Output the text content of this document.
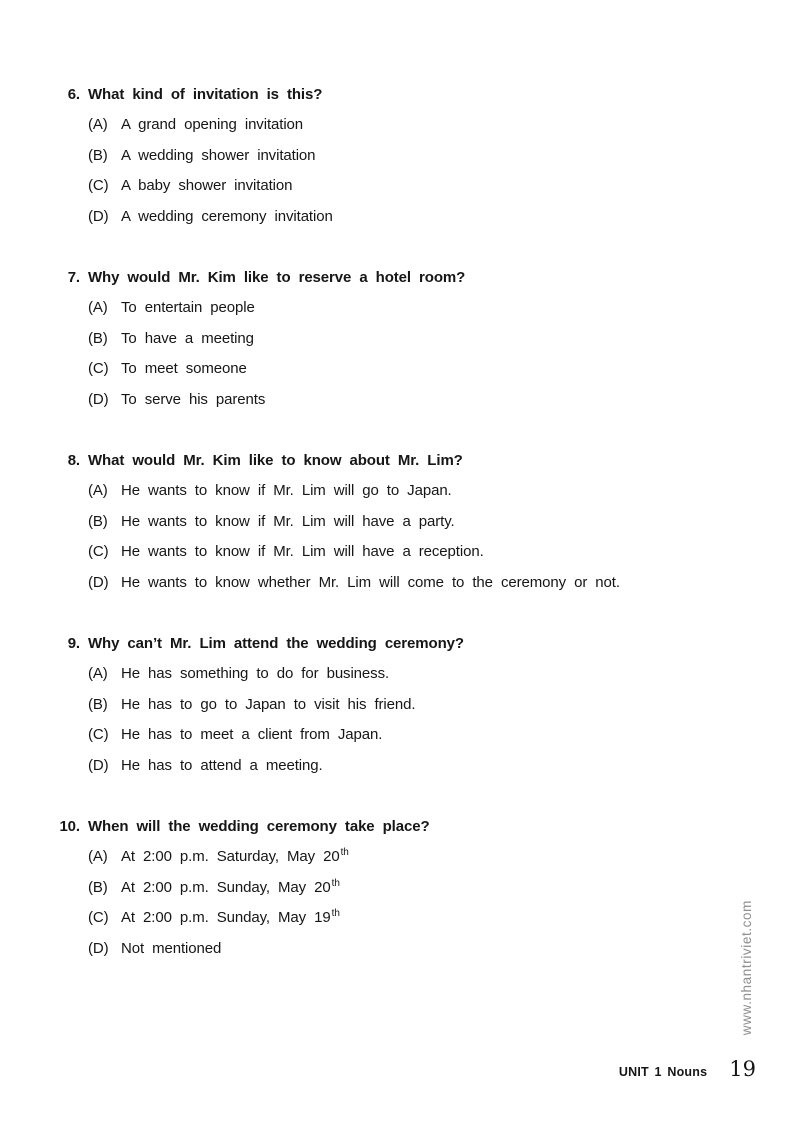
6. What kind of invitation is this?
(A) A grand opening invitation
(B) A wedding shower invitation
(C) A baby shower invitation
(D) A wedding ceremony invitation
7. Why would Mr. Kim like to reserve a hotel room?
(A) To entertain people
(B) To have a meeting
(C) To meet someone
(D) To serve his parents
8. What would Mr. Kim like to know about Mr. Lim?
(A) He wants to know if Mr. Lim will go to Japan.
(B) He wants to know if Mr. Lim will have a party.
(C) He wants to know if Mr. Lim will have a reception.
(D) He wants to know whether Mr. Lim will come to the ceremony or not.
9. Why can’t Mr. Lim attend the wedding ceremony?
(A) He has something to do for business.
(B) He has to go to Japan to visit his friend.
(C) He has to meet a client from Japan.
(D) He has to attend a meeting.
10. When will the wedding ceremony take place?
(A) At 2:00 p.m. Saturday, May 20th
(B) At 2:00 p.m. Sunday, May 20th
(C) At 2:00 p.m. Sunday, May 19th
(D) Not mentioned	www.nhantriviet.com
UNIT 1 Nouns 19
